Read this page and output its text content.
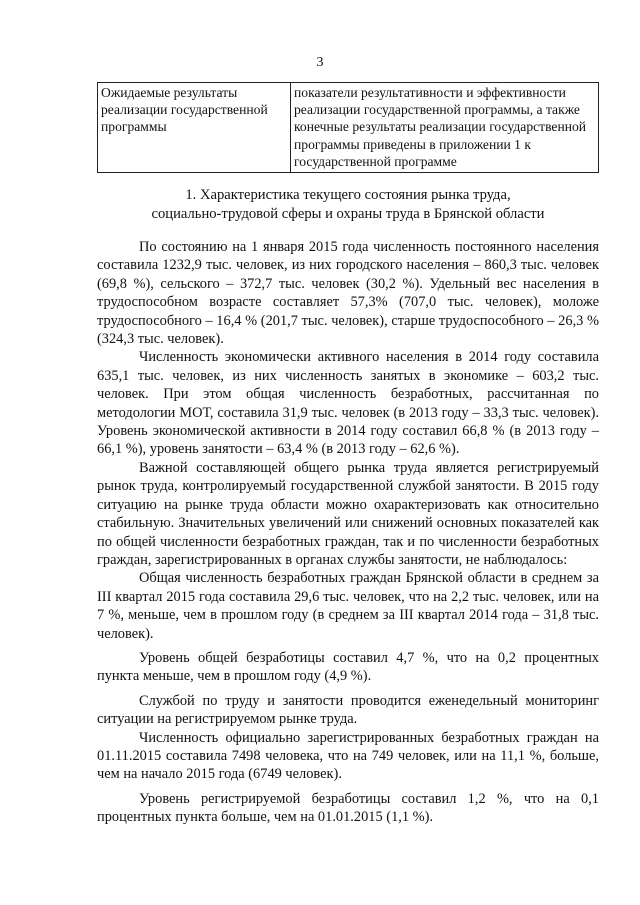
3
Ожидаемые результаты реализации государственной программы	показатели результативности и эффективности реализации государственной программы, а также конечные результаты реализации государственной программы приведены в приложении 1 к государственной программе
1. Характеристика текущего состояния рынка труда,
социально-трудовой сферы и охраны труда в Брянской области

По состоянию на 1 января 2015 года численность постоянного населения составила 1232,9 тыс. человек, из них городского населения – 860,3 тыс. человек (69,8 %), сельского – 372,7 тыс. человек (30,2 %). Удельный вес населения в трудоспособном возрасте составляет 57,3% (707,0 тыс. человек), моложе трудоспособного – 16,4 % (201,7 тыс. человек), старше трудоспособного – 26,3 % (324,3 тыс. человек).

Численность экономически активного населения в 2014 году составила 635,1 тыс. человек, из них численность занятых в экономике – 603,2 тыс. человек. При этом общая численность безработных, рассчитанная по методологии МОТ, составила 31,9 тыс. человек (в 2013 году – 33,3 тыс. человек). Уровень экономической активности в 2014 году составил 66,8 % (в 2013 году – 66,1 %), уровень занятости – 63,4 % (в 2013 году – 62,6 %).

Важной составляющей общего рынка труда является регистрируемый рынок труда, контролируемый государственной службой занятости. В 2015 году ситуацию на рынке труда области можно охарактеризовать как относительно стабильную. Значительных увеличений или снижений основных показателей как по общей численности безработных граждан, так и по численности безработных граждан, зарегистрированных в органах службы занятости, не наблюдалось:

Общая численность безработных граждан Брянской области в среднем за III квартал 2015 года составила 29,6 тыс. человек, что на 2,2 тыс. человек, или на 7 %, меньше, чем в прошлом году (в среднем за III квартал 2014 года – 31,8 тыс. человек).

Уровень общей безработицы составил 4,7 %, что на 0,2 процентных пункта меньше, чем в прошлом году (4,9 %).

Службой по труду и занятости проводится еженедельный мониторинг ситуации на регистрируемом рынке труда.

Численность официально зарегистрированных безработных граждан на 01.11.2015 составила 7498 человека, что на 749 человек, или на 11,1 %, больше, чем на начало 2015 года (6749 человек).

Уровень регистрируемой безработицы составил 1,2 %, что на 0,1 процентных пункта больше, чем на 01.01.2015 (1,1 %).
